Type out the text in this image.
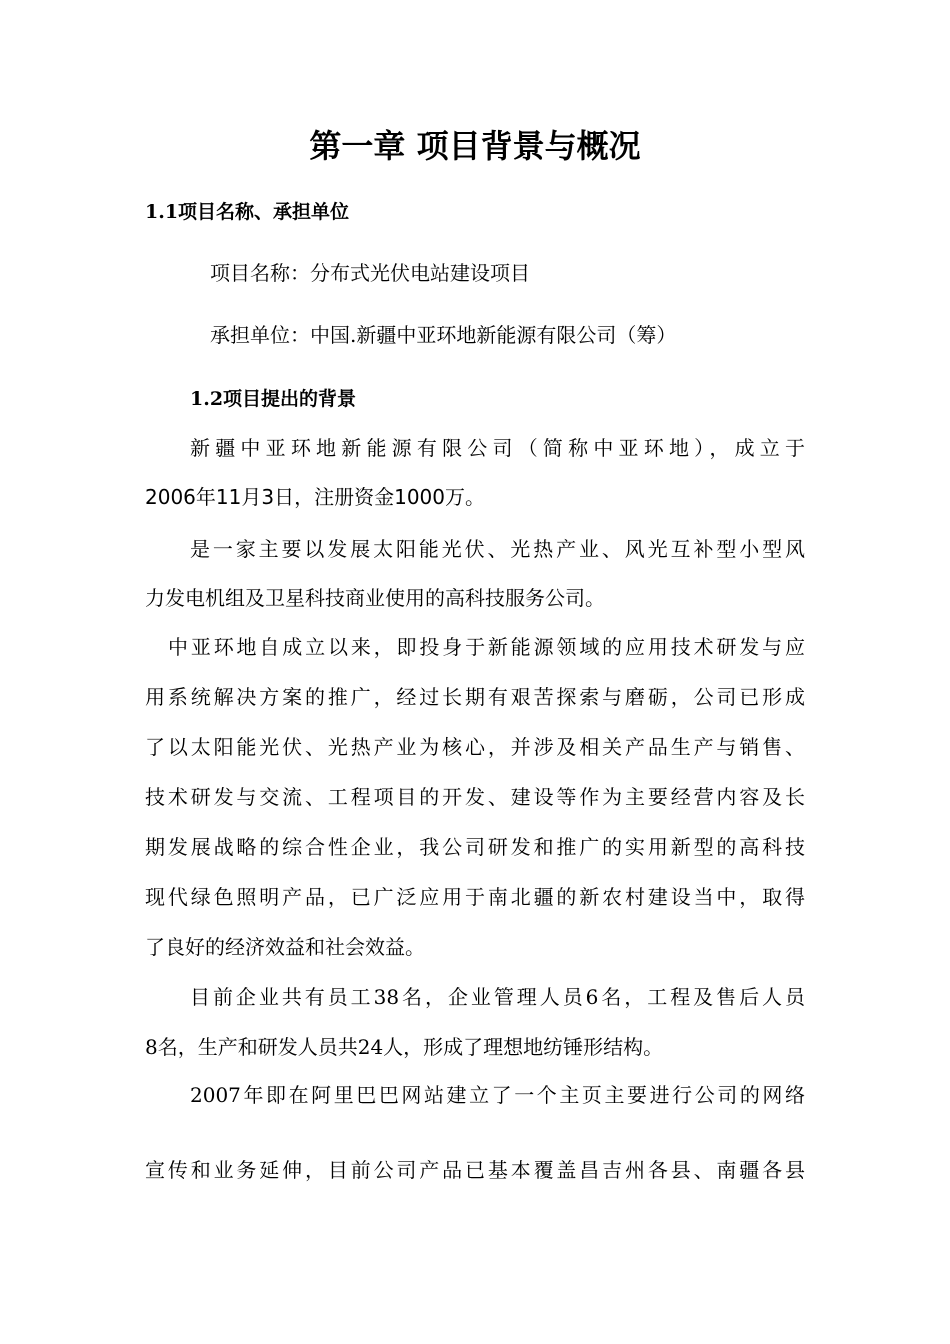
第一章 项目背景与概况
1.1项目名称、承担单位
项目名称：分布式光伏电站建设项目
承担单位：中国.新疆中亚环地新能源有限公司（筹）
1.2项目提出的背景
新疆中亚环地新能源有限公司（简称中亚环地），成立于
2006年11月3日，注册资金1000万。
是一家主要以发展太阳能光伏、光热产业、风光互补型小型风
力发电机组及卫星科技商业使用的高科技服务公司。
中亚环地自成立以来，即投身于新能源领域的应用技术研发与应
用系统解决方案的推广，经过长期有艰苦探索与磨砺，公司已形成
了以太阳能光伏、光热产业为核心，并涉及相关产品生产与销售、
技术研发与交流、工程项目的开发、建设等作为主要经营内容及长
期发展战略的综合性企业，我公司研发和推广的实用新型的高科技
现代绿色照明产品，已广泛应用于南北疆的新农村建设当中，取得
了良好的经济效益和社会效益。
目前企业共有员工38名，企业管理人员6名，工程及售后人员
8名，生产和研发人员共24人，形成了理想地纺锤形结构。
2007年即在阿里巴巴网站建立了一个主页主要进行公司的网络
宣传和业务延伸，目前公司产品已基本覆盖昌吉州各县、南疆各县
